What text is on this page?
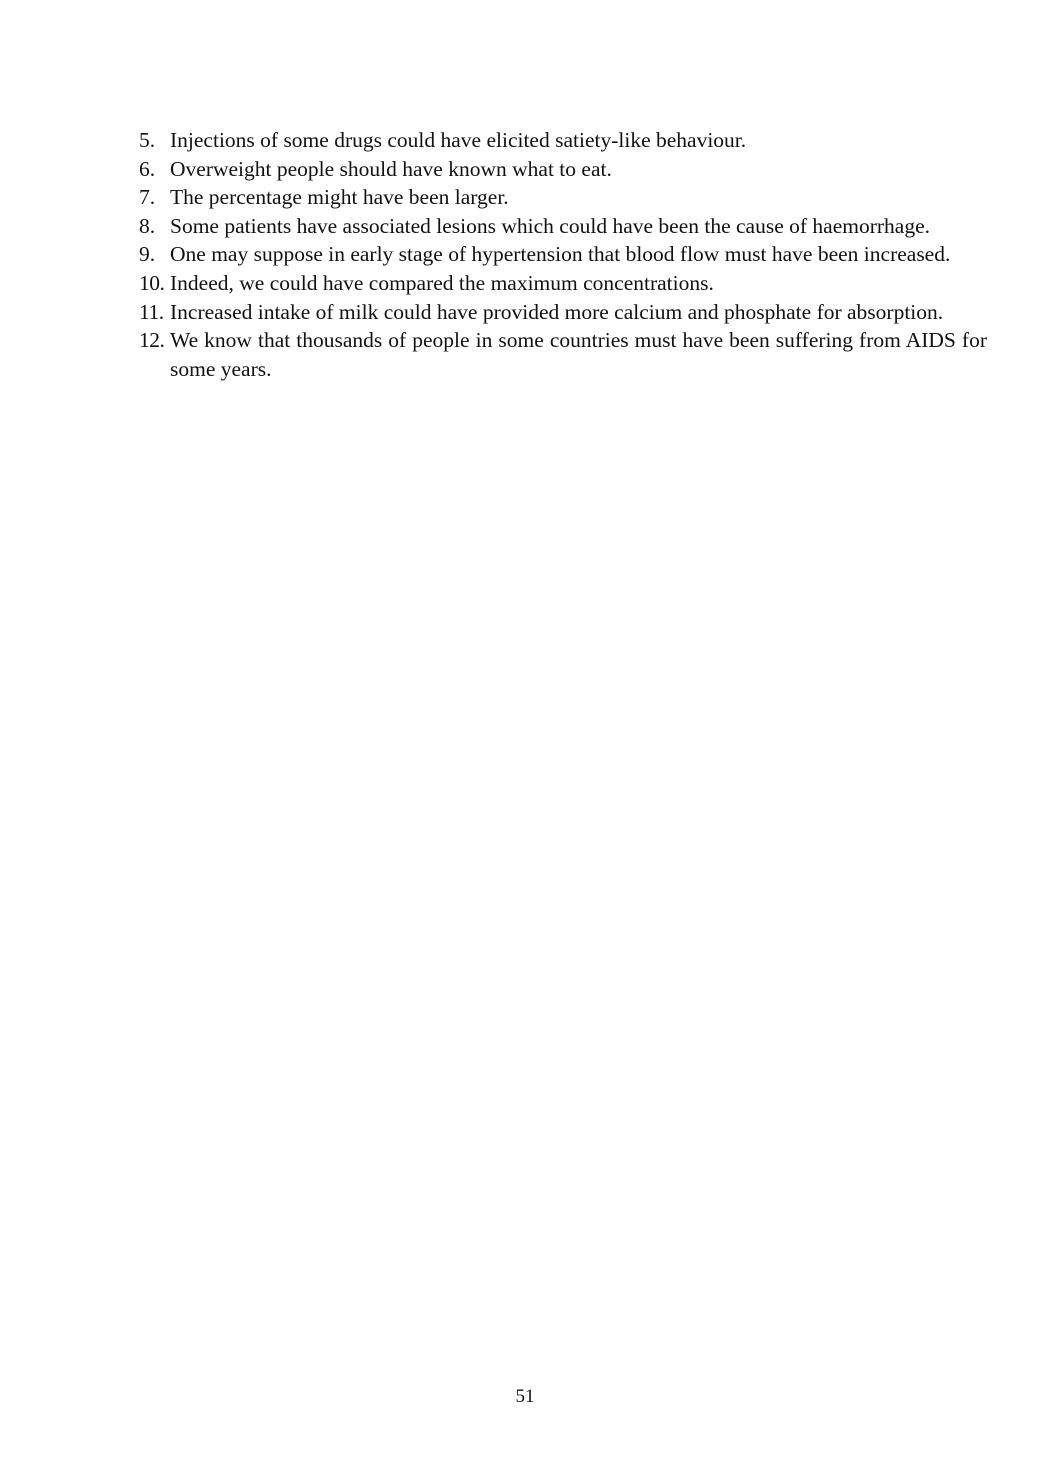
5. Injections of some drugs could have elicited satiety-like behaviour.
6. Overweight people should have known what to eat.
7. The percentage might have been larger.
8. Some patients have associated lesions which could have been the cause of haemorrhage.
9. One may suppose in early stage of hypertension that blood flow must have been increased.
10. Indeed, we could have compared the maximum concentrations.
11. Increased intake of milk could have provided more calcium and phosphate for absorption.
12. We know that thousands of people in some countries must have been suffering from AIDS for some years.
51
